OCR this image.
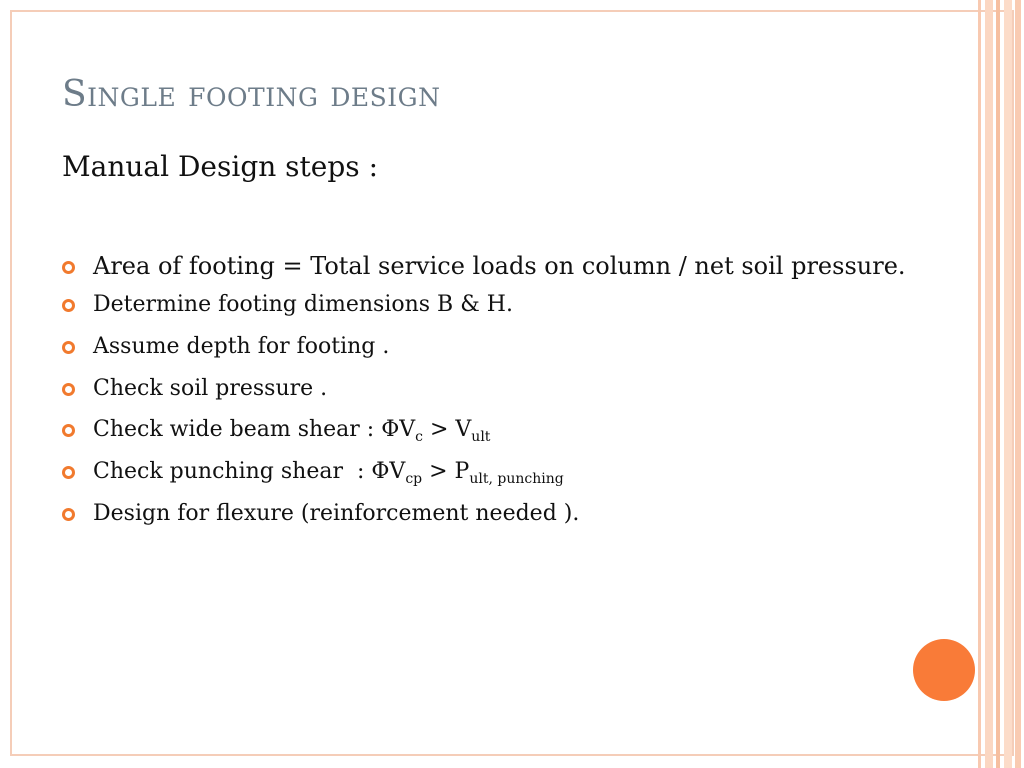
Single footing design
Manual Design steps :
Area of footing = Total service loads on column / net soil pressure.
Determine footing dimensions B & H.
Assume depth for footing .
Check soil pressure .
Check wide beam shear : $\Phi V_c > V_{ult}$
Check punching shear : $\Phi V_{cp} > P_{ult, punching}$
Design for flexure (reinforcement needed ).
